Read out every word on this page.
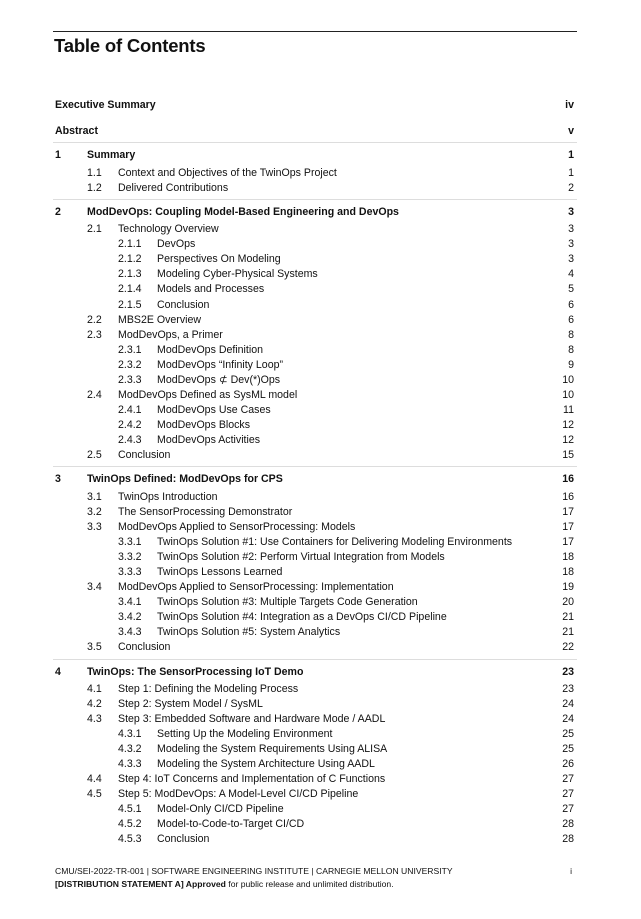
Table of Contents
Executive Summary	iv
Abstract	v
1 Summary	1
1.1 Context and Objectives of the TwinOps Project	1
1.2 Delivered Contributions	2
2 ModDevOps: Coupling Model-Based Engineering and DevOps	3
2.1 Technology Overview	3
2.1.1 DevOps	3
2.1.2 Perspectives On Modeling	3
2.1.3 Modeling Cyber-Physical Systems	4
2.1.4 Models and Processes	5
2.1.5 Conclusion	6
2.2 MBS2E Overview	6
2.3 ModDevOps, a Primer	8
2.3.1 ModDevOps Definition	8
2.3.2 ModDevOps “Infinity Loop”	9
2.3.3 ModDevOps ⊄ Dev(*)Ops	10
2.4 ModDevOps Defined as SysML model	10
2.4.1 ModDevOps Use Cases	11
2.4.2 ModDevOps Blocks	12
2.4.3 ModDevOps Activities	12
2.5 Conclusion	15
3 TwinOps Defined: ModDevOps for CPS	16
3.1 TwinOps Introduction	16
3.2 The SensorProcessing Demonstrator	17
3.3 ModDevOps Applied to SensorProcessing: Models	17
3.3.1 TwinOps Solution #1: Use Containers for Delivering Modeling Environments	17
3.3.2 TwinOps Solution #2: Perform Virtual Integration from Models	18
3.3.3 TwinOps Lessons Learned	18
3.4 ModDevOps Applied to SensorProcessing: Implementation	19
3.4.1 TwinOps Solution #3: Multiple Targets Code Generation	20
3.4.2 TwinOps Solution #4: Integration as a DevOps CI/CD Pipeline	21
3.4.3 TwinOps Solution #5: System Analytics	21
3.5 Conclusion	22
4 TwinOps: The SensorProcessing IoT Demo	23
4.1 Step 1: Defining the Modeling Process	23
4.2 Step 2: System Model / SysML	24
4.3 Step 3: Embedded Software and Hardware Mode / AADL	24
4.3.1 Setting Up the Modeling Environment	25
4.3.2 Modeling the System Requirements Using ALISA	25
4.3.3 Modeling the System Architecture Using AADL	26
4.4 Step 4: IoT Concerns and Implementation of C Functions	27
4.5 Step 5: ModDevOps: A Model-Level CI/CD Pipeline	27
4.5.1 Model-Only CI/CD Pipeline	27
4.5.2 Model-to-Code-to-Target CI/CD	28
4.5.3 Conclusion	28
CMU/SEI-2022-TR-001 | SOFTWARE ENGINEERING INSTITUTE | CARNEGIE MELLON UNIVERSITY	i
[DISTRIBUTION STATEMENT A] Approved for public release and unlimited distribution.
